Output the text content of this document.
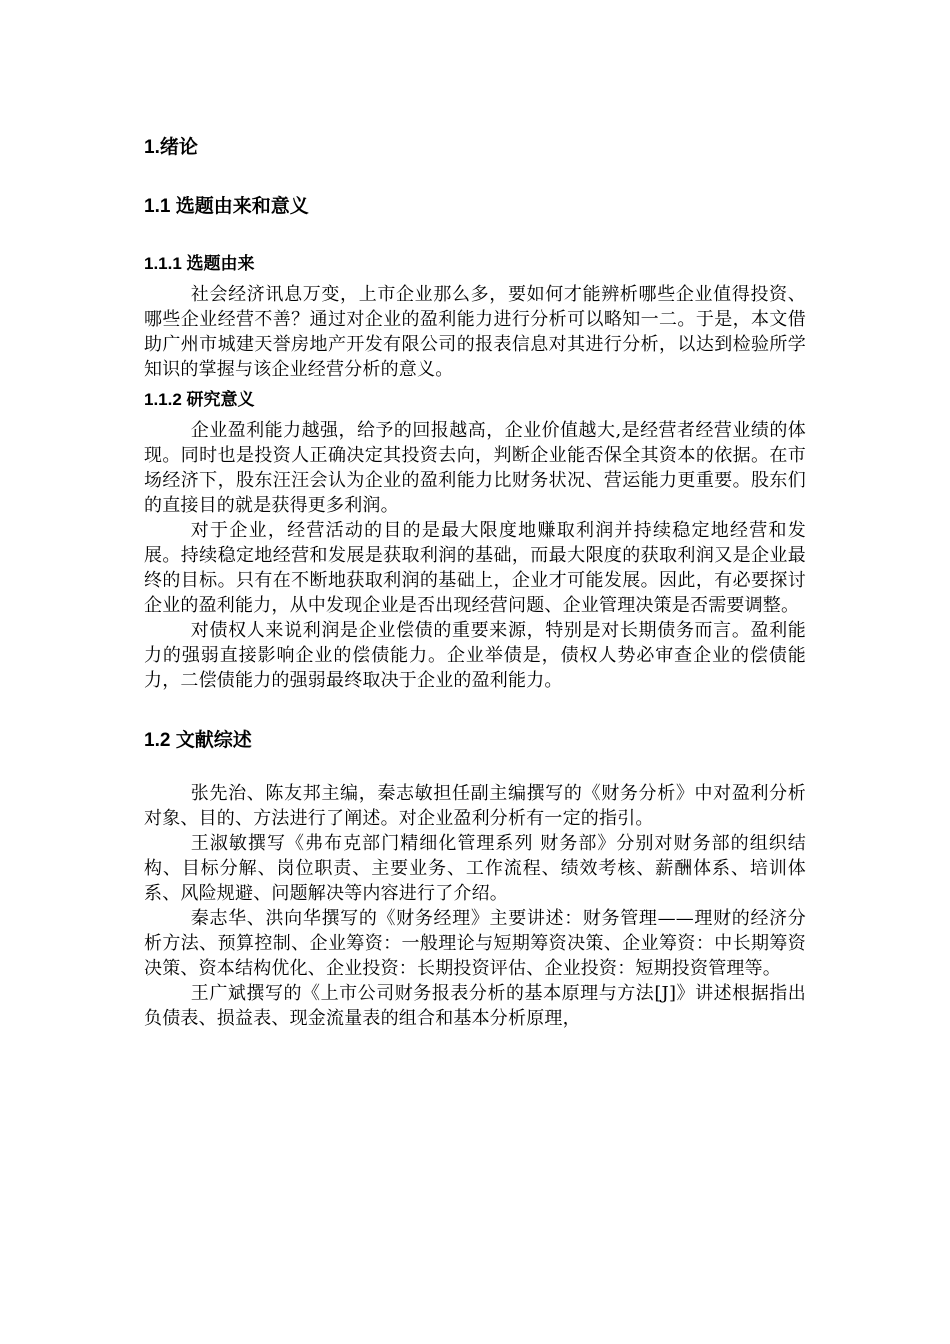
1.绪论
1.1 选题由来和意义
1.1.1 选题由来

社会经济讯息万变，上市企业那么多，要如何才能辨析哪些企业值得投资、哪些企业经营不善？通过对企业的盈利能力进行分析可以略知一二。于是，本文借助广州市城建天誉房地产开发有限公司的报表信息对其进行分析，以达到检验所学知识的掌握与该企业经营分析的意义。

1.1.2 研究意义

企业盈利能力越强，给予的回报越高，企业价值越大,是经营者经营业绩的体现。同时也是投资人正确决定其投资去向，判断企业能否保全其资本的依据。在市场经济下，股东汪汪会认为企业的盈利能力比财务状况、营运能力更重要。股东们的直接目的就是获得更多利润。

对于企业，经营活动的目的是最大限度地赚取利润并持续稳定地经营和发展。持续稳定地经营和发展是获取利润的基础，而最大限度的获取利润又是企业最终的目标。只有在不断地获取利润的基础上，企业才可能发展。因此，有必要探讨企业的盈利能力，从中发现企业是否出现经营问题、企业管理决策是否需要调整。

对债权人来说利润是企业偿债的重要来源，特别是对长期债务而言。盈利能力的强弱直接影响企业的偿债能力。企业举债是，债权人势必审查企业的偿债能力，二偿债能力的强弱最终取决于企业的盈利能力。

1.2 文献综述

张先治、陈友邦主编，秦志敏担任副主编撰写的《财务分析》中对盈利分析对象、目的、方法进行了阐述。对企业盈利分析有一定的指引。

王淑敏撰写《弗布克部门精细化管理系列 财务部》分别对财务部的组织结构、目标分解、岗位职责、主要业务、工作流程、绩效考核、薪酬体系、培训体系、风险规避、问题解决等内容进行了介绍。

秦志华、洪向华撰写的《财务经理》主要讲述：财务管理——理财的经济分析方法、预算控制、企业筹资：一般理论与短期筹资决策、企业筹资：中长期筹资决策、资本结构优化、企业投资：长期投资评估、企业投资：短期投资管理等。

王广斌撰写的《上市公司财务报表分析的基本原理与方法[J]》讲述根据指出负债表、损益表、现金流量表的组合和基本分析原理，
